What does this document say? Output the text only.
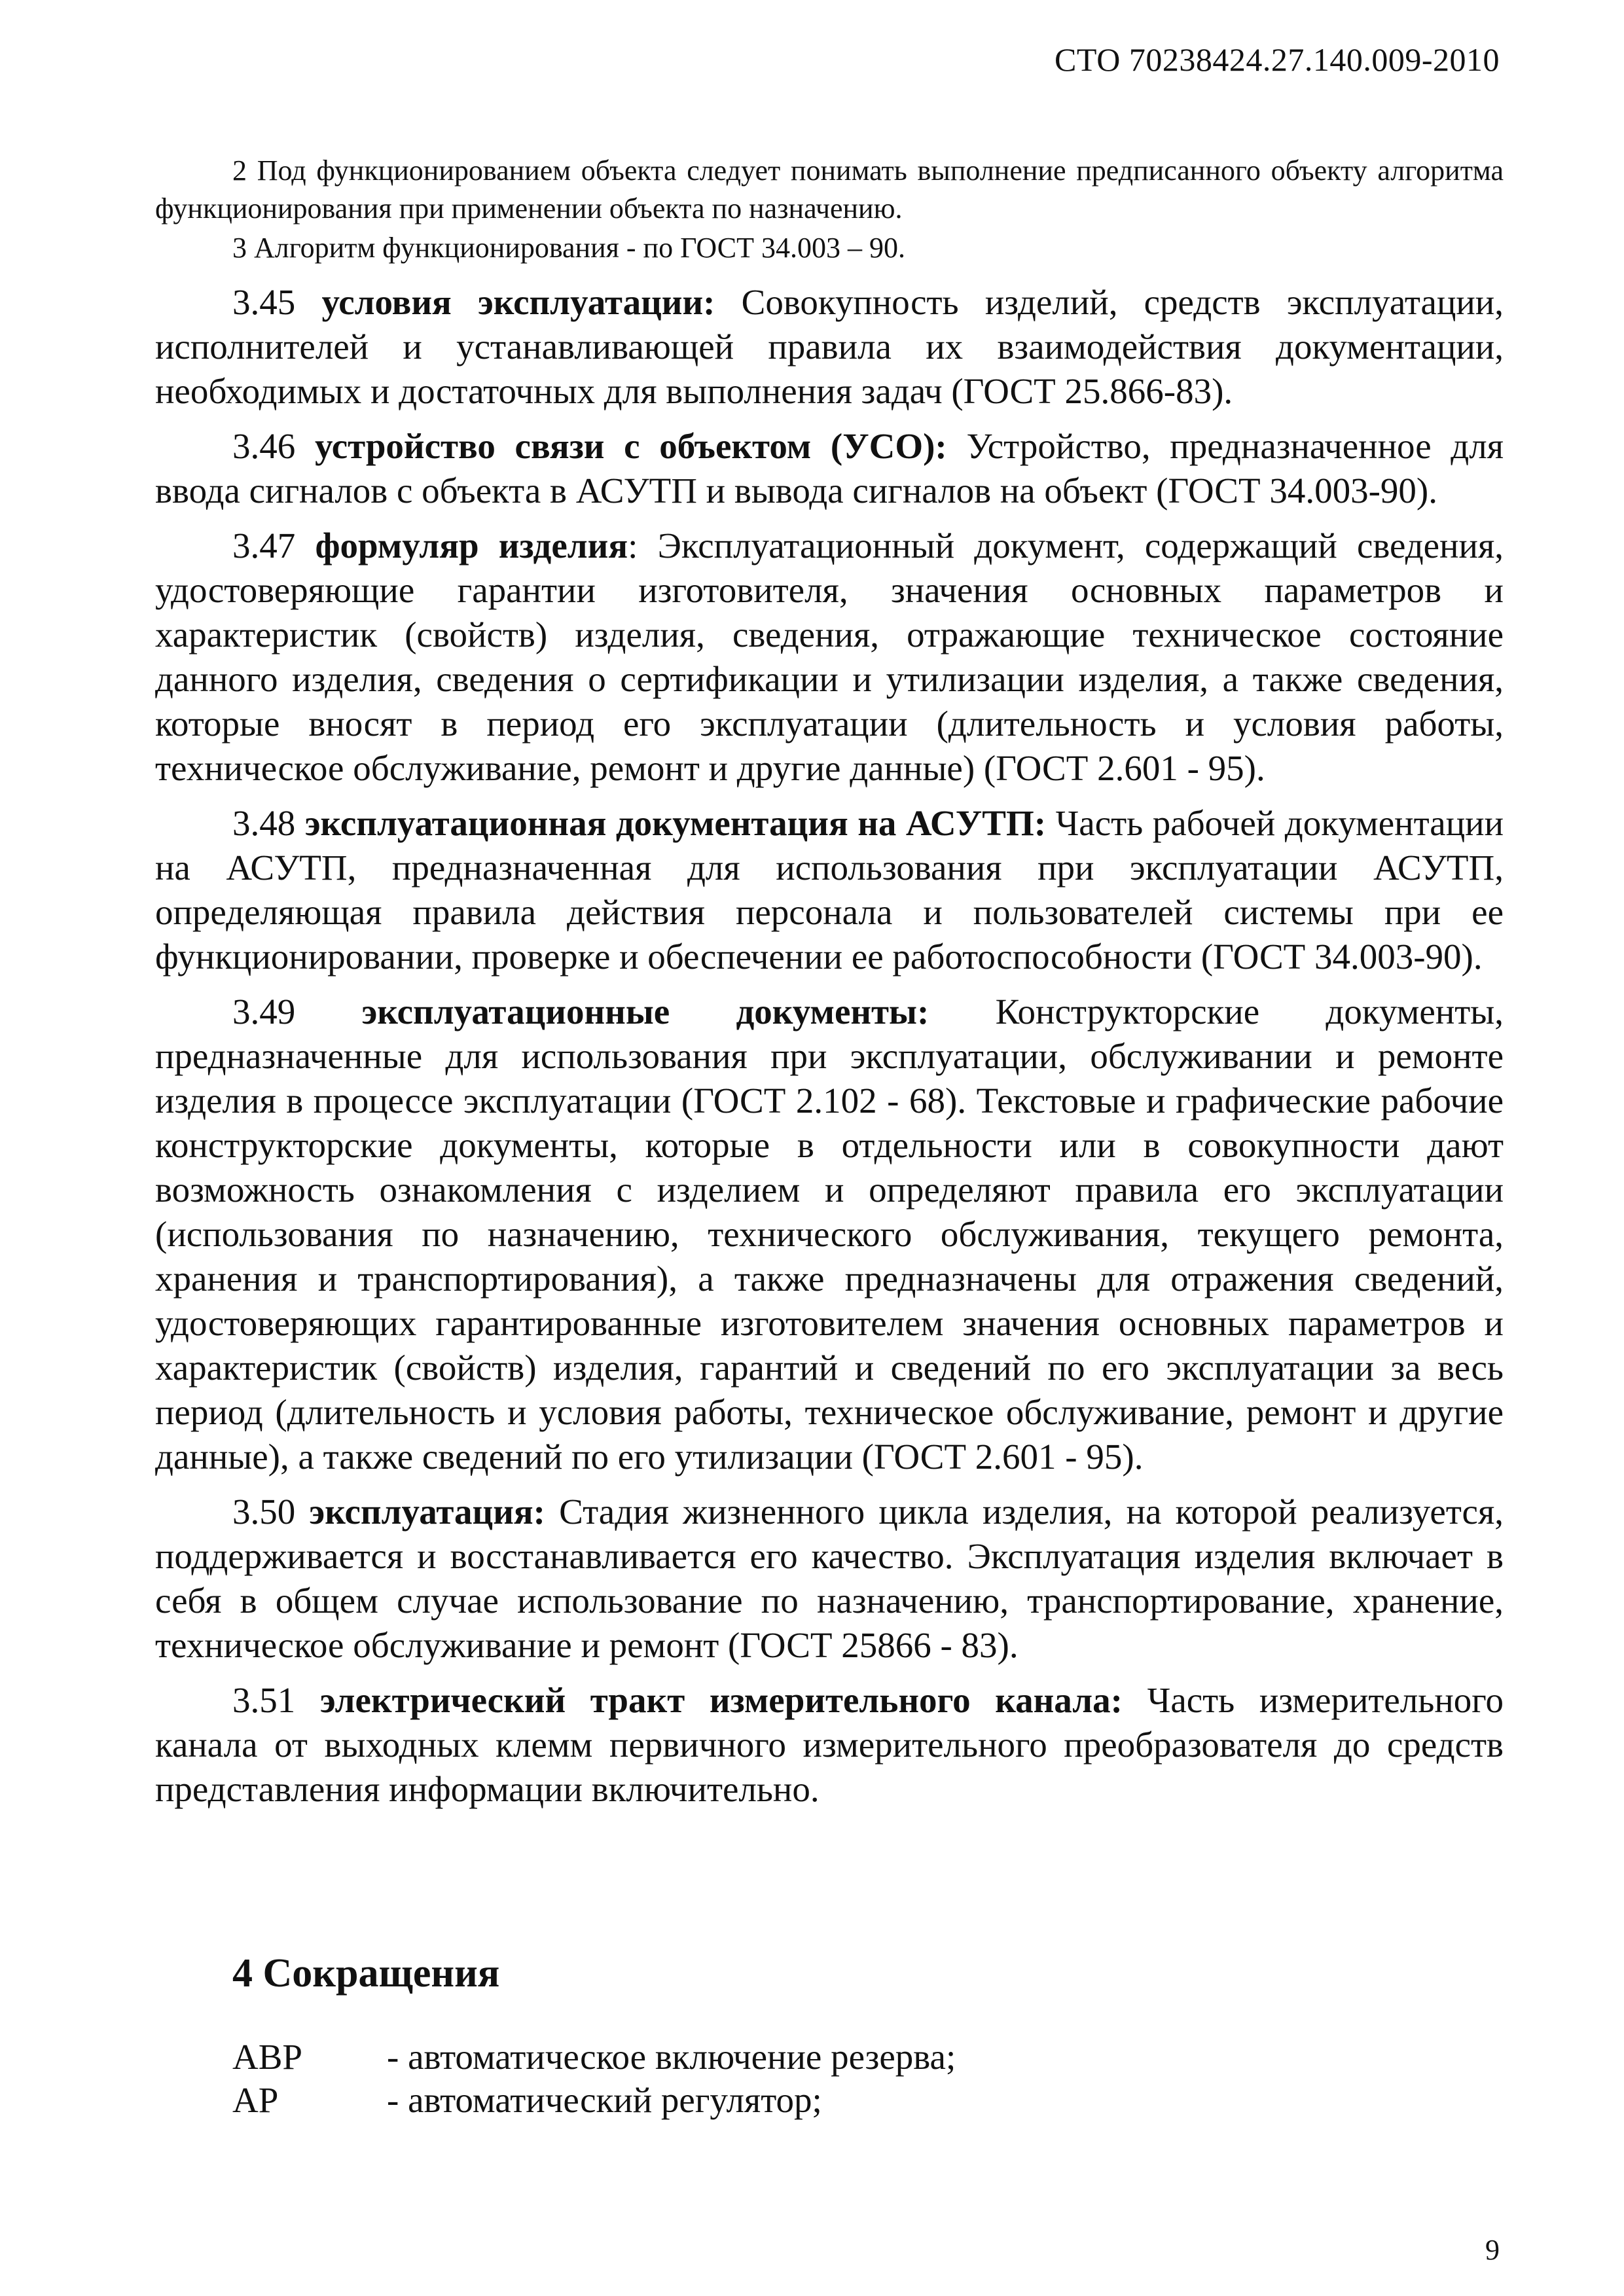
СТО 70238424.27.140.009-2010

2 Под функционированием объекта следует понимать выполнение предписанного объекту алгоритма функционирования при применении объекта по назначению.

3 Алгоритм функционирования - по ГОСТ 34.003 – 90.

3.45 условия эксплуатации: Совокупность изделий, средств эксплуатации, исполнителей и устанавливающей правила их взаимодействия документации, необходимых и достаточных для выполнения задач (ГОСТ 25.866-83).

3.46 устройство связи с объектом (УСО): Устройство, предназначенное для ввода сигналов с объекта в АСУТП и вывода сигналов на объект (ГОСТ 34.003-90).

3.47 формуляр изделия: Эксплуатационный документ, содержащий сведения, удостоверяющие гарантии изготовителя, значения основных параметров и характеристик (свойств) изделия, сведения, отражающие техническое состояние данного изделия, сведения о сертификации и утилизации изделия, а также сведения, которые вносят в период его эксплуатации (длительность и условия работы, техническое обслуживание, ремонт и другие данные) (ГОСТ 2.601 - 95).

3.48 эксплуатационная документация на АСУТП: Часть рабочей документации на АСУТП, предназначенная для использования при эксплуатации АСУТП, определяющая правила действия персонала и пользователей системы при ее функционировании, проверке и обеспечении ее работоспособности (ГОСТ 34.003-90).

3.49 эксплуатационные документы: Конструкторские документы, предназначенные для использования при эксплуатации, обслуживании и ремонте изделия в процессе эксплуатации (ГОСТ 2.102 - 68). Текстовые и графические рабочие конструкторские документы, которые в отдельности или в совокупности дают возможность ознакомления с изделием и определяют правила его эксплуатации (использования по назначению, технического обслуживания, текущего ремонта, хранения и транспортирования), а также предназначены для отражения сведений, удостоверяющих гарантированные изготовителем значения основных параметров и характеристик (свойств) изделия, гарантий и сведений по его эксплуатации за весь период (длительность и условия работы, техническое обслуживание, ремонт и другие данные), а также сведений по его утилизации (ГОСТ 2.601 - 95).

3.50 эксплуатация: Стадия жизненного цикла изделия, на которой реализуется, поддерживается и восстанавливается его качество. Эксплуатация изделия включает в себя в общем случае использование по назначению, транспортирование, хранение, техническое обслуживание и ремонт (ГОСТ 25866 - 83).

3.51 электрический тракт измерительного канала: Часть измерительного канала от выходных клемм первичного измерительного преобразователя до средств представления информации включительно.

4 Сокращения
АВР	- автоматическое включение резерва;
АР	- автоматический регулятор;
9
